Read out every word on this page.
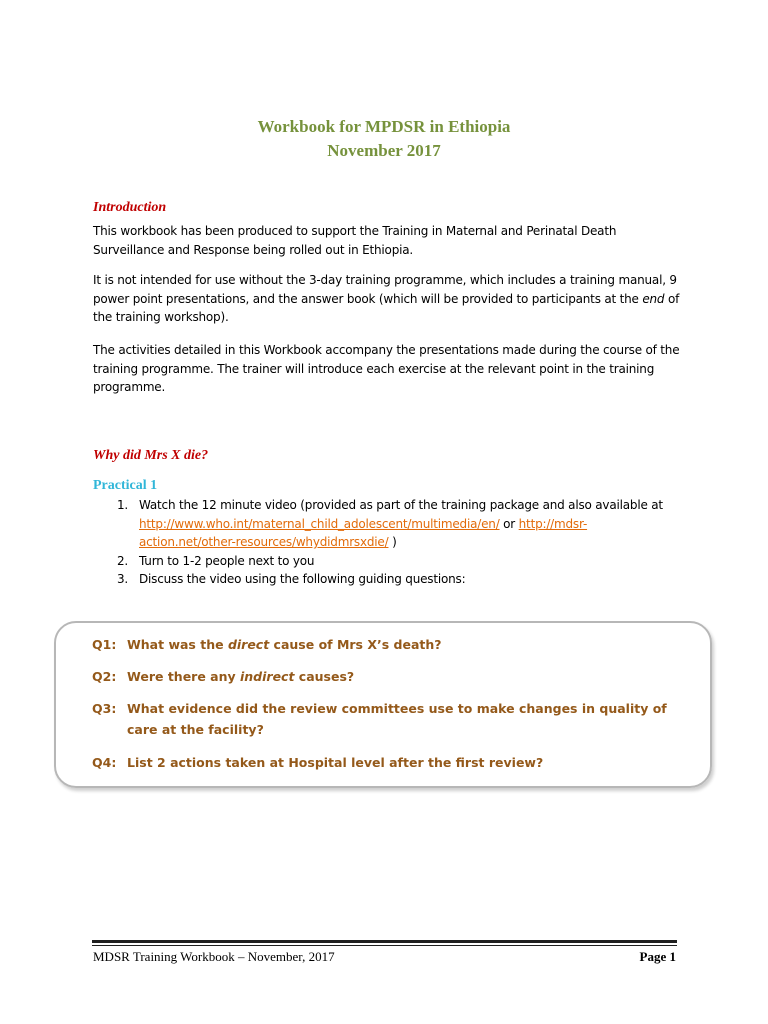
Workbook for MPDSR in Ethiopia
November 2017
Introduction

This workbook has been produced to support the Training in Maternal and Perinatal Death Surveillance and Response being rolled out in Ethiopia.

It is not intended for use without the 3-day training programme, which includes a training manual, 9 power point presentations, and the answer book (which will be provided to participants at the end of the training workshop).

The activities detailed in this Workbook accompany the presentations made during the course of the training programme. The trainer will introduce each exercise at the relevant point in the training programme.

Why did Mrs X die?
Practical 1
1. Watch the 12 minute video (provided as part of the training package and also available at http://www.who.int/maternal_child_adolescent/multimedia/en/ or http://mdsr-action.net/other-resources/whydidmrsxdie/ )
2. Turn to 1-2 people next to you
3. Discuss the video using the following guiding questions:
Q1: What was the direct cause of Mrs X’s death?
Q2: Were there any indirect causes?
Q3: What evidence did the review committees use to make changes in quality of care at the facility?
Q4: List 2 actions taken at Hospital level after the first review?
MDSR Training Workbook – November, 2017	Page 1
